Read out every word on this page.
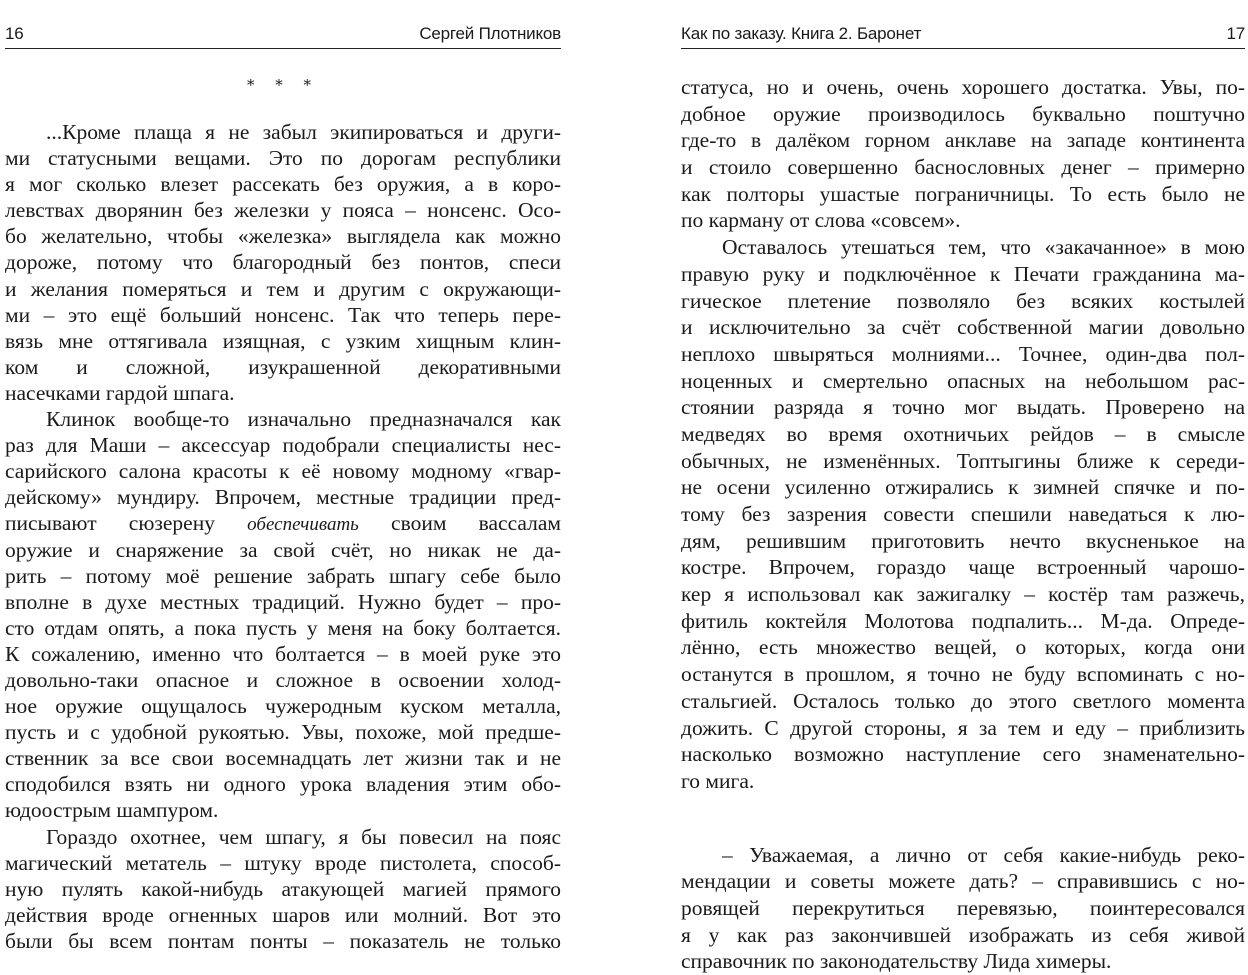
16	Сергей Плотников
* * *
...Кроме плаща я не забыл экипироваться и други-
ми статусными вещами. Это по дорогам республики
я мог сколько влезет рассекать без оружия, а в коро-
левствах дворянин без железки у пояса – нонсенс. Осо-
бо желательно, чтобы «железка» выглядела как можно
дороже, потому что благородный без понтов, спеси
и желания померяться и тем и другим с окружающи-
ми – это ещё больший нонсенс. Так что теперь пере-
вязь мне оттягивала изящная, с узким хищным клин-
ком и сложной, изукрашенной декоративными
насечками гардой шпага.
Клинок вообще-то изначально предназначался как
раз для Маши – аксессуар подобрали специалисты нес-
сарийского салона красоты к её новому модному «гвар-
дейскому» мундиру. Впрочем, местные традиции пред-
писывают сюзерену обеспечивать своим вассалам
оружие и снаряжение за свой счёт, но никак не да-
рить – потому моё решение забрать шпагу себе было
вполне в духе местных традиций. Нужно будет – про-
сто отдам опять, а пока пусть у меня на боку болтается.
К сожалению, именно что болтается – в моей руке это
довольно-таки опасное и сложное в освоении холод-
ное оружие ощущалось чужеродным куском металла,
пусть и с удобной рукоятью. Увы, похоже, мой предше-
ственник за все свои восемнадцать лет жизни так и не
сподобился взять ни одного урока владения этим обо-
юдоострым шампуром.
Гораздо охотнее, чем шпагу, я бы повесил на пояс
магический метатель – штуку вроде пистолета, способ-
ную пулять какой-нибудь атакующей магией прямого
действия вроде огненных шаров или молний. Вот это
были бы всем понтам понты – показатель не только
Как по заказу. Книга 2. Баронет	17
статуса, но и очень, очень хорошего достатка. Увы, по-
добное оружие производилось буквально поштучно
где-то в далёком горном анклаве на западе континента
и стоило совершенно баснословных денег – примерно
как полторы ушастые пограничницы. То есть было не
по карману от слова «совсем».
Оставалось утешаться тем, что «закачанное» в мою
правую руку и подключённое к Печати гражданина ма-
гическое плетение позволяло без всяких костылей
и исключительно за счёт собственной магии довольно
неплохо швыряться молниями... Точнее, один-два пол-
ноценных и смертельно опасных на небольшом рас-
стоянии разряда я точно мог выдать. Проверено на
медведях во время охотничьих рейдов – в смысле
обычных, не изменённых. Топтыгины ближе к середи-
не осени усиленно отжирались к зимней спячке и по-
тому без зазрения совести спешили наведаться к лю-
дям, решившим приготовить нечто вкусненькое на
костре. Впрочем, гораздо чаще встроенный чарошо-
кер я использовал как зажигалку – костёр там разжечь,
фитиль коктейля Молотова подпалить... М-да. Опреде-
лённо, есть множество вещей, о которых, когда они
останутся в прошлом, я точно не буду вспоминать с но-
стальгией. Осталось только до этого светлого момента
дожить. С другой стороны, я за тем и еду – приблизить
насколько возможно наступление сего знаменательно-
го мига.
– Уважаемая, а лично от себя какие-нибудь реко-
мендации и советы можете дать? – справившись с но-
ровящей перекрутиться перевязью, поинтересовался
я у как раз закончившей изображать из себя живой
справочник по законодательству Лида химеры.
